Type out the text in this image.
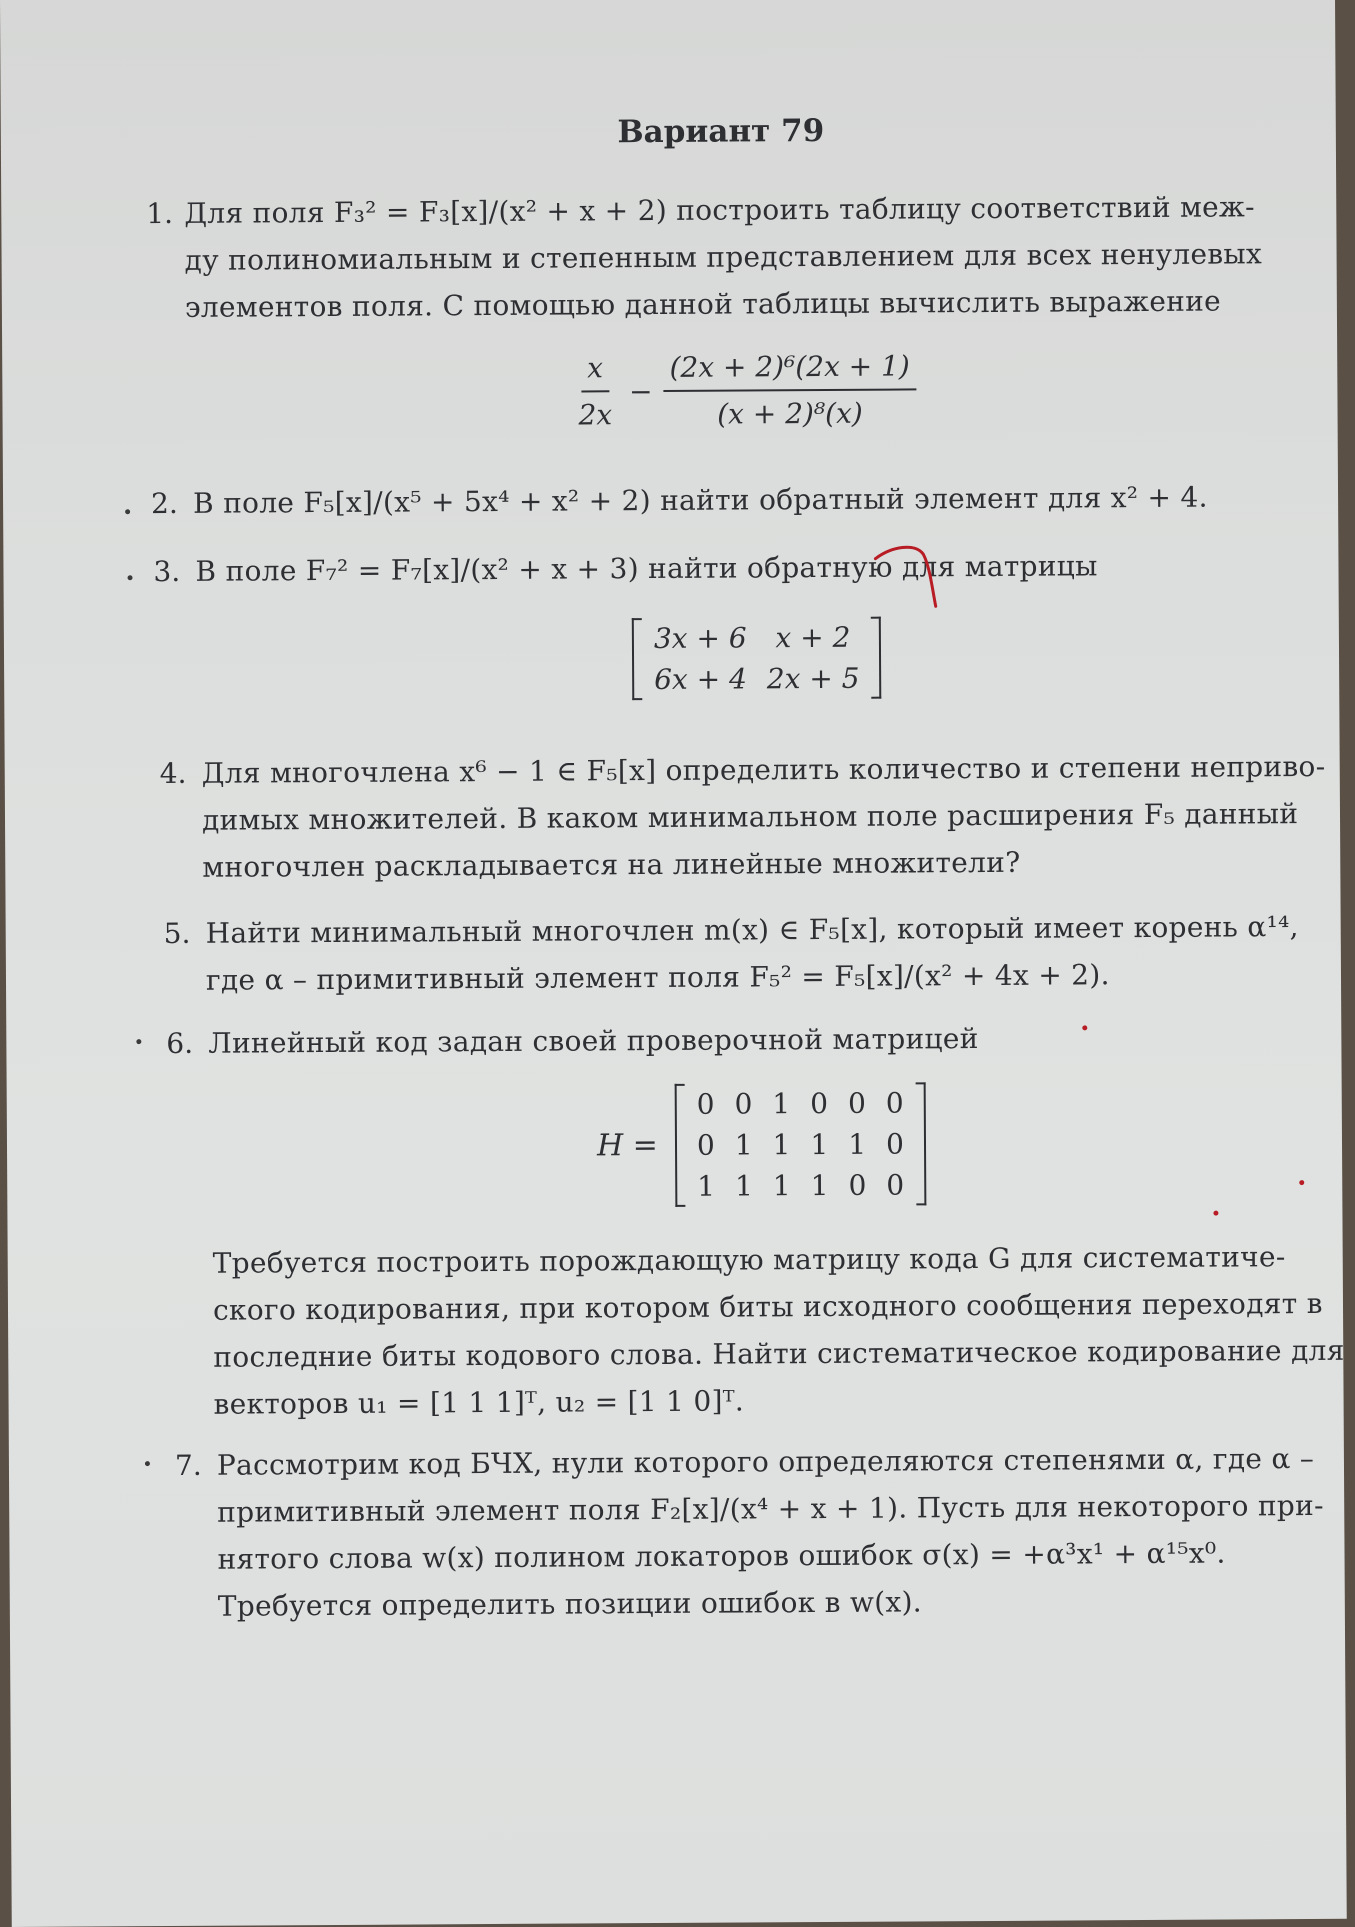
Вариант 79
1. Для поля F₃² = F₃[x]/(x² + x + 2) построить таблицу соответствий меж-
ду полиномиальным и степенным представлением для всех ненулевых
элементов поля. С помощью данной таблицы вычислить выражение
$\frac{x}{2x} - \frac{\text{(2x + 2)⁶(2x + 1)}}{\text{(x + 2)⁸(x)}}$
2. В поле F₅[x]/(x⁵ + 5x⁴ + x² + 2) найти обратный элемент для x² + 4.
3. В поле F₇² = F₇[x]/(x² + x + 3) найти обратную для матрицы
3x + 6	x + 2
6x + 4	2x + 5
4. Для многочлена x⁶ − 1 ∈ F₅[x] определить количество и степени неприво-
димых множителей. В каком минимальном поле расширения F₅ данный
многочлен раскладывается на линейные множители?
5. Найти минимальный многочлен m(x) ∈ F₅[x], который имеет корень α¹⁴,
где α – примитивный элемент поля F₅² = F₅[x]/(x² + 4x + 2).
6. Линейный код задан своей проверочной матрицей
H =
0	0	1	0	0	0
0	1	1	1	1	0
1	1	1	1	0	0
Требуется построить порождающую матрицу кода G для систематиче-
ского кодирования, при котором биты исходного сообщения переходят в
последние биты кодового слова. Найти систематическое кодирование для
векторов u₁ = [1 1 1]ᵀ, u₂ = [1 1 0]ᵀ.
7. Рассмотрим код БЧХ, нули которого определяются степенями α, где α –
примитивный элемент поля F₂[x]/(x⁴ + x + 1). Пусть для некоторого при-
нятого слова w(x) полином локаторов ошибок σ(x) = +α³x¹ + α¹⁵x⁰.
Требуется определить позиции ошибок в w(x).
